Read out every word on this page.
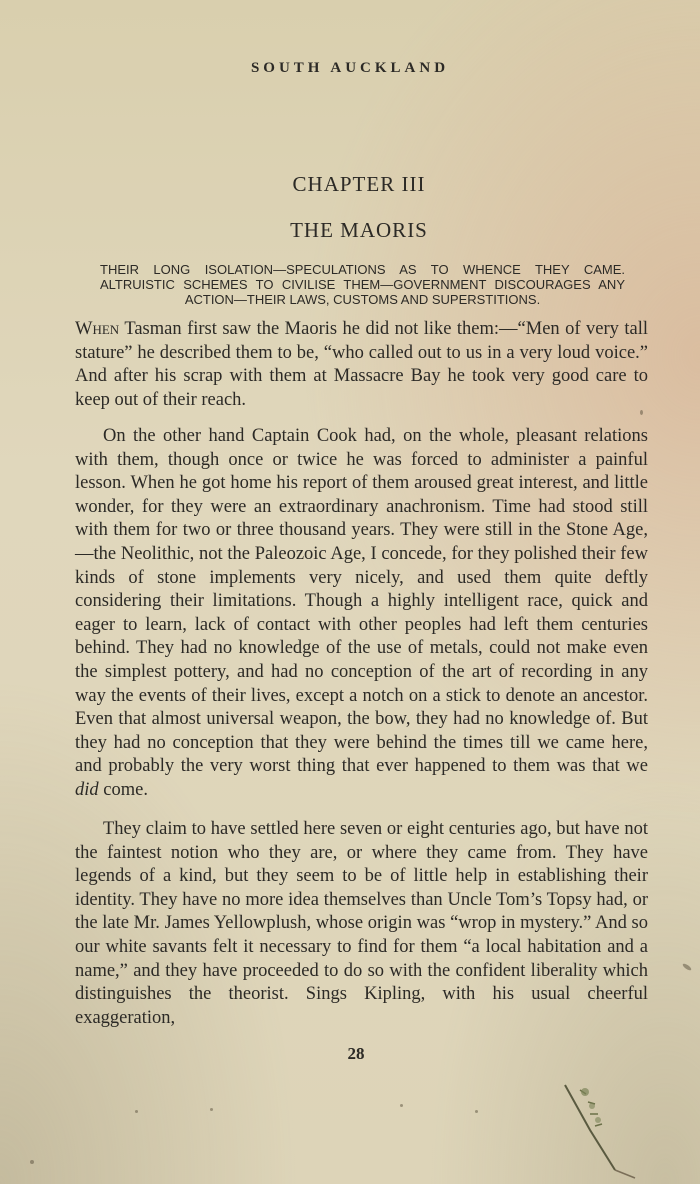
SOUTH AUCKLAND
CHAPTER III
THE MAORIS
THEIR LONG ISOLATION—SPECULATIONS AS TO WHENCE THEY CAME. ALTRUISTIC SCHEMES TO CIVILISE THEM—GOVERNMENT DISCOURAGES ANY ACTION—THEIR LAWS, CUSTOMS AND SUPERSTITIONS.

When Tasman first saw the Maoris he did not like them:—“Men of very tall stature” he described them to be, “who called out to us in a very loud voice.” And after his scrap with them at Massacre Bay he took very good care to keep out of their reach.

On the other hand Captain Cook had, on the whole, pleasant relations with them, though once or twice he was forced to administer a painful lesson. When he got home his report of them aroused great interest, and little wonder, for they were an extraordinary anachronism. Time had stood still with them for two or three thousand years. They were still in the Stone Age,—the Neolithic, not the Paleozoic Age, I concede, for they polished their few kinds of stone implements very nicely, and used them quite deftly considering their limitations. Though a highly intelligent race, quick and eager to learn, lack of contact with other peoples had left them centuries behind. They had no knowledge of the use of metals, could not make even the simplest pottery, and had no conception of the art of recording in any way the events of their lives, except a notch on a stick to denote an ancestor. Even that almost universal weapon, the bow, they had no knowledge of. But they had no conception that they were behind the times till we came here, and probably the very worst thing that ever happened to them was that we did come.

They claim to have settled here seven or eight centuries ago, but have not the faintest notion who they are, or where they came from. They have legends of a kind, but they seem to be of little help in establishing their identity. They have no more idea themselves than Uncle Tom’s Topsy had, or the late Mr. James Yellowplush, whose origin was “wrop in mystery.” And so our white savants felt it necessary to find for them “a local habitation and a name,” and they have proceeded to do so with the confident liberality which distinguishes the theorist. Sings Kipling, with his usual cheerful exaggeration,

28
